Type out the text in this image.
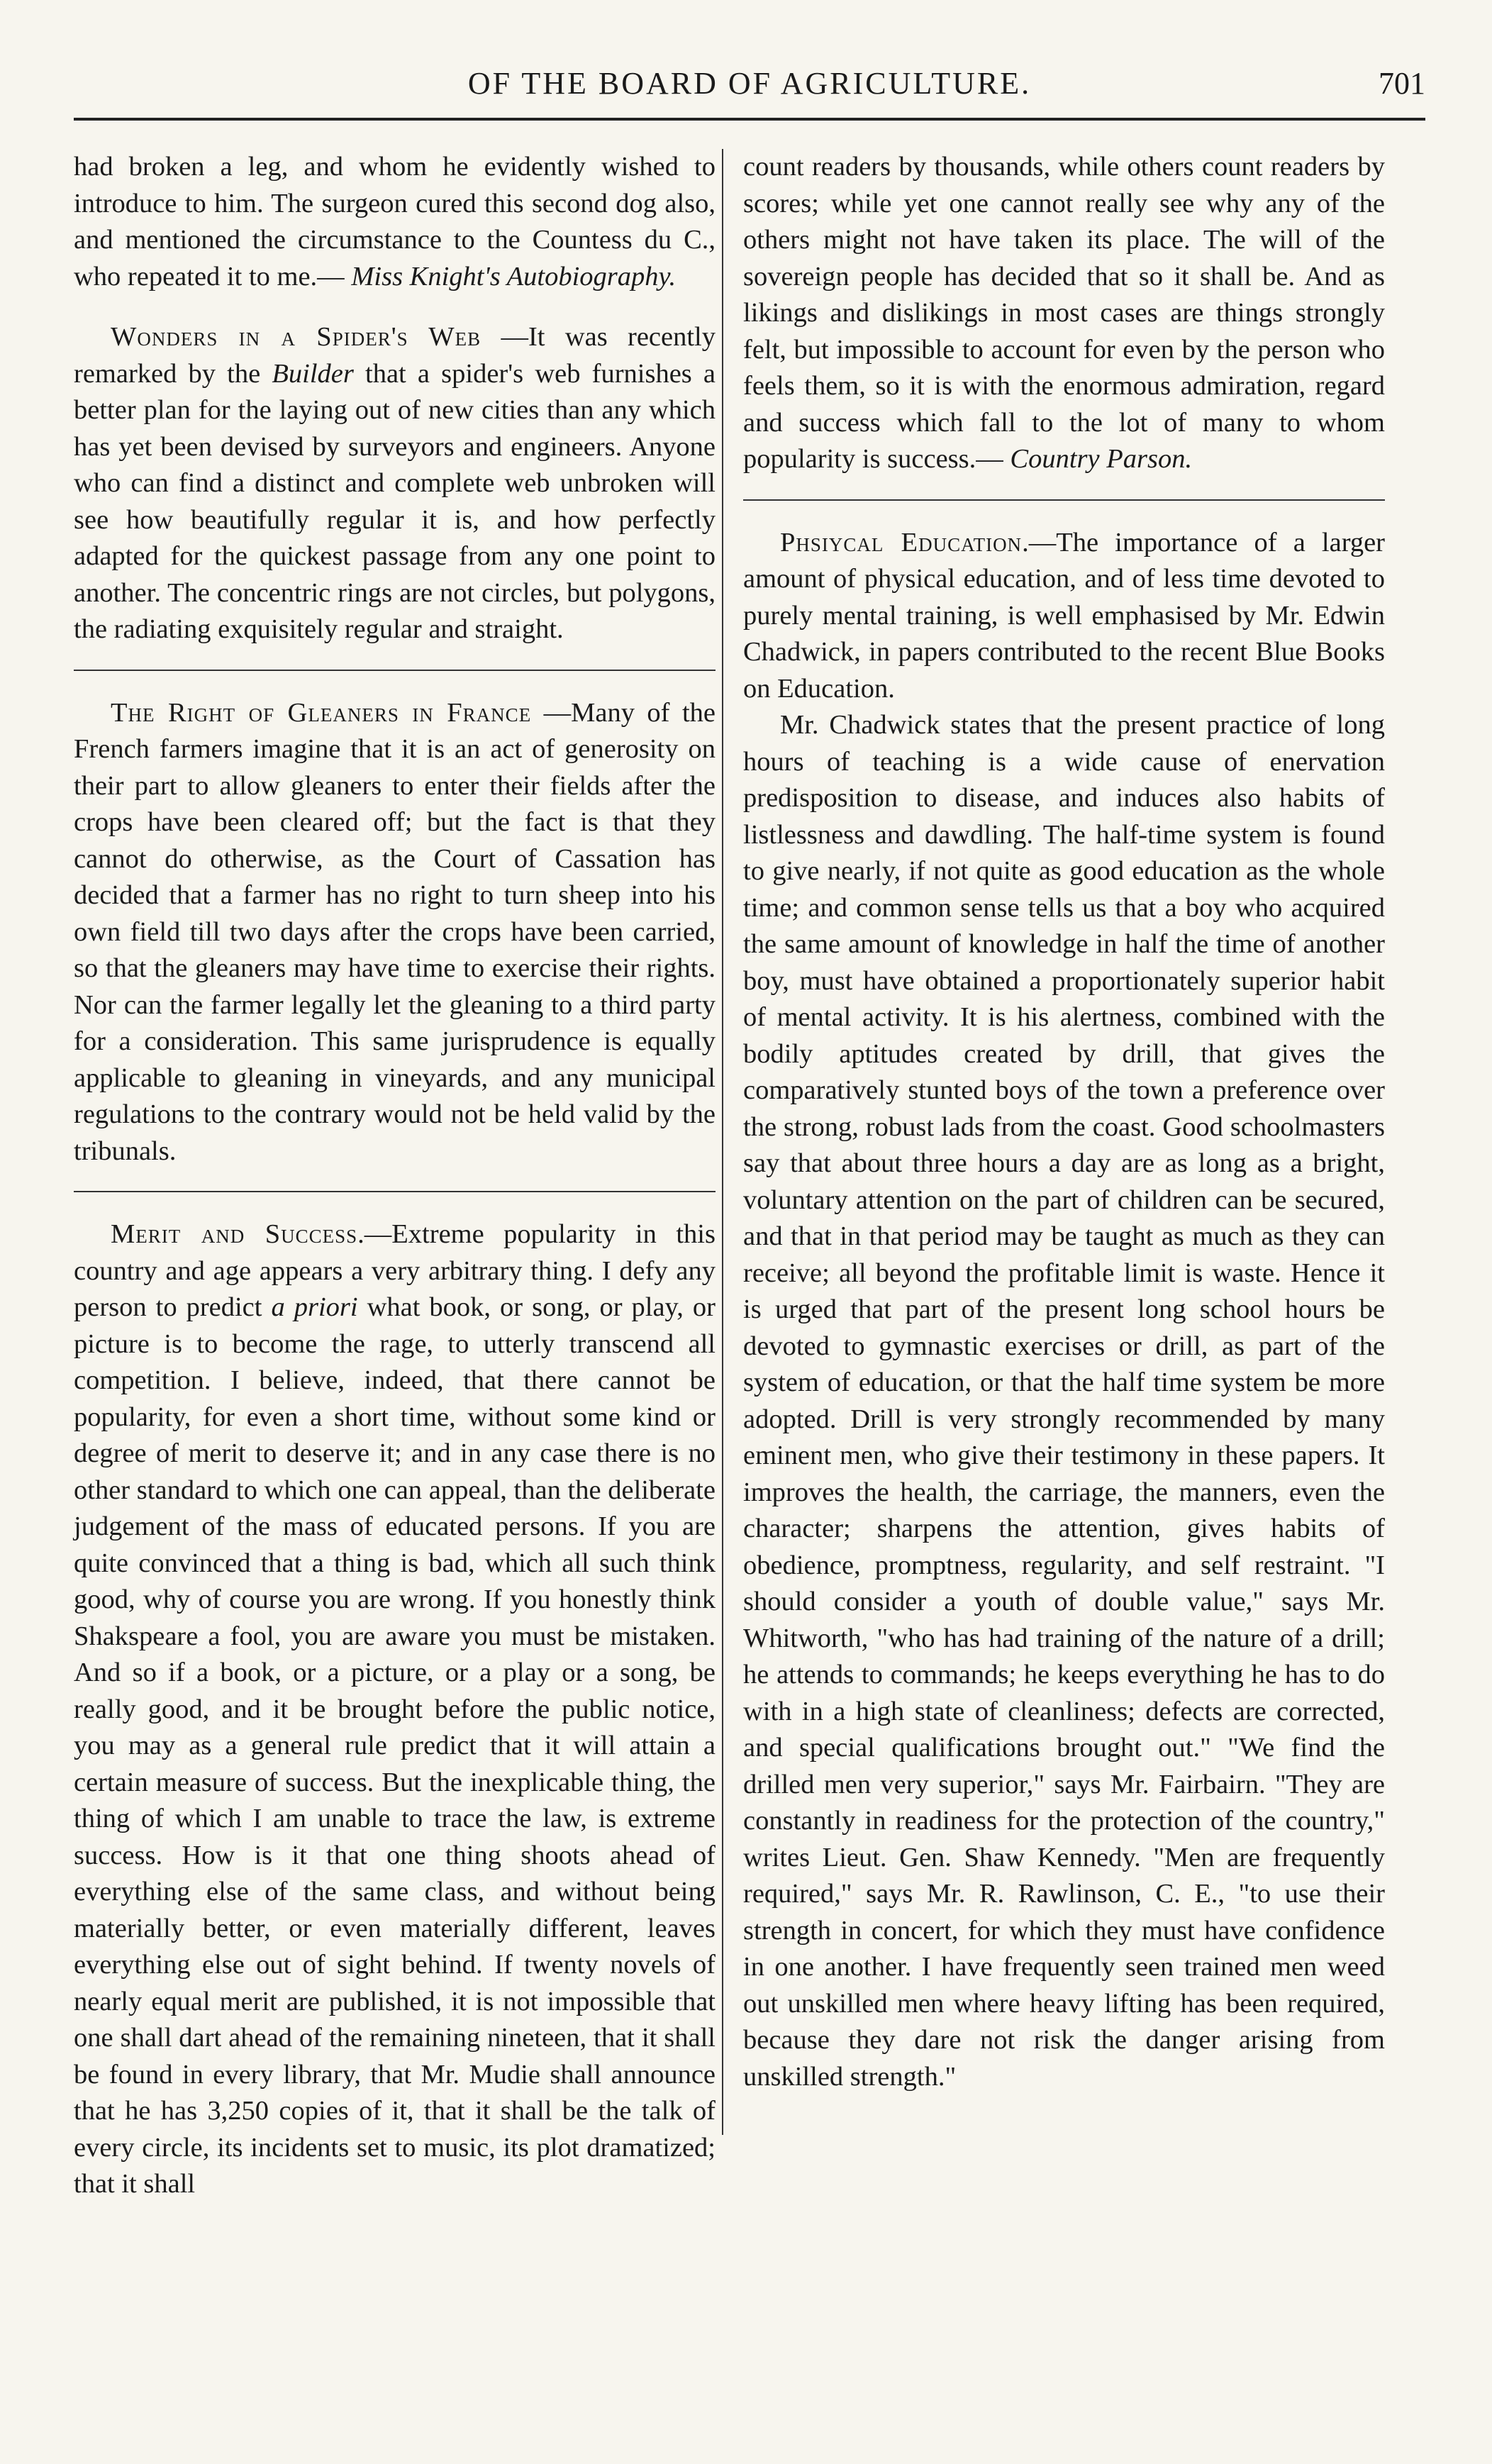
OF THE BOARD OF AGRICULTURE.	701

had broken a leg, and whom he evidently wished to introduce to him. The surgeon cured this second dog also, and mentioned the circumstance to the Countess du C., who repeated it to me.— Miss Knight's Autobiography.

Wonders in a Spider's Web —It was recently remarked by the Builder that a spider's web furnishes a better plan for the laying out of new cities than any which has yet been devised by surveyors and engineers. Anyone who can find a distinct and complete web unbroken will see how beautifully regular it is, and how perfectly adapted for the quickest passage from any one point to another. The concentric rings are not circles, but polygons, the radiating exquisitely regular and straight.

The Right of Gleaners in France —Many of the French farmers imagine that it is an act of generosity on their part to allow gleaners to enter their fields after the crops have been cleared off; but the fact is that they cannot do otherwise, as the Court of Cassation has decided that a farmer has no right to turn sheep into his own field till two days after the crops have been carried, so that the gleaners may have time to exercise their rights. Nor can the farmer legally let the gleaning to a third party for a consideration. This same jurisprudence is equally applicable to gleaning in vineyards, and any municipal regulations to the contrary would not be held valid by the tribunals.

Merit and Success.—Extreme popularity in this country and age appears a very arbitrary thing. I defy any person to predict a priori what book, or song, or play, or picture is to become the rage, to utterly transcend all competition. I believe, indeed, that there cannot be popularity, for even a short time, without some kind or degree of merit to deserve it; and in any case there is no other standard to which one can appeal, than the deliberate judgement of the mass of educated persons. If you are quite convinced that a thing is bad, which all such think good, why of course you are wrong. If you honestly think Shakspeare a fool, you are aware you must be mistaken. And so if a book, or a picture, or a play or a song, be really good, and it be brought before the public notice, you may as a general rule predict that it will attain a certain measure of success. But the inexplicable thing, the thing of which I am unable to trace the law, is extreme success. How is it that one thing shoots ahead of everything else of the same class, and without being materially better, or even materially different, leaves everything else out of sight behind. If twenty novels of nearly equal merit are published, it is not impossible that one shall dart ahead of the remaining nineteen, that it shall be found in every library, that Mr. Mudie shall announce that he has 3,250 copies of it, that it shall be the talk of every circle, its incidents set to music, its plot dramatized; that it shall

count readers by thousands, while others count readers by scores; while yet one cannot really see why any of the others might not have taken its place. The will of the sovereign people has decided that so it shall be. And as likings and dislikings in most cases are things strongly felt, but impossible to account for even by the person who feels them, so it is with the enormous admiration, regard and success which fall to the lot of many to whom popularity is success.— Country Parson.

Phsiycal Education.—The importance of a larger amount of physical education, and of less time devoted to purely mental training, is well emphasised by Mr. Edwin Chadwick, in papers contributed to the recent Blue Books on Education.

Mr. Chadwick states that the present practice of long hours of teaching is a wide cause of enervation predisposition to disease, and induces also habits of listlessness and dawdling. The half-time system is found to give nearly, if not quite as good education as the whole time; and common sense tells us that a boy who acquired the same amount of knowledge in half the time of another boy, must have obtained a proportionately superior habit of mental activity. It is his alertness, combined with the bodily aptitudes created by drill, that gives the comparatively stunted boys of the town a preference over the strong, robust lads from the coast. Good schoolmasters say that about three hours a day are as long as a bright, voluntary attention on the part of children can be secured, and that in that period may be taught as much as they can receive; all beyond the profitable limit is waste. Hence it is urged that part of the present long school hours be devoted to gymnastic exercises or drill, as part of the system of education, or that the half time system be more adopted. Drill is very strongly recommended by many eminent men, who give their testimony in these papers. It improves the health, the carriage, the manners, even the character; sharpens the attention, gives habits of obedience, promptness, regularity, and self restraint. "I should consider a youth of double value," says Mr. Whitworth, "who has had training of the nature of a drill; he attends to commands; he keeps everything he has to do with in a high state of cleanliness; defects are corrected, and special qualifications brought out." "We find the drilled men very superior," says Mr. Fairbairn. "They are constantly in readiness for the protection of the country," writes Lieut. Gen. Shaw Kennedy. "Men are frequently required," says Mr. R. Rawlinson, C. E., "to use their strength in concert, for which they must have confidence in one another. I have frequently seen trained men weed out unskilled men where heavy lifting has been required, because they dare not risk the danger arising from unskilled strength."
